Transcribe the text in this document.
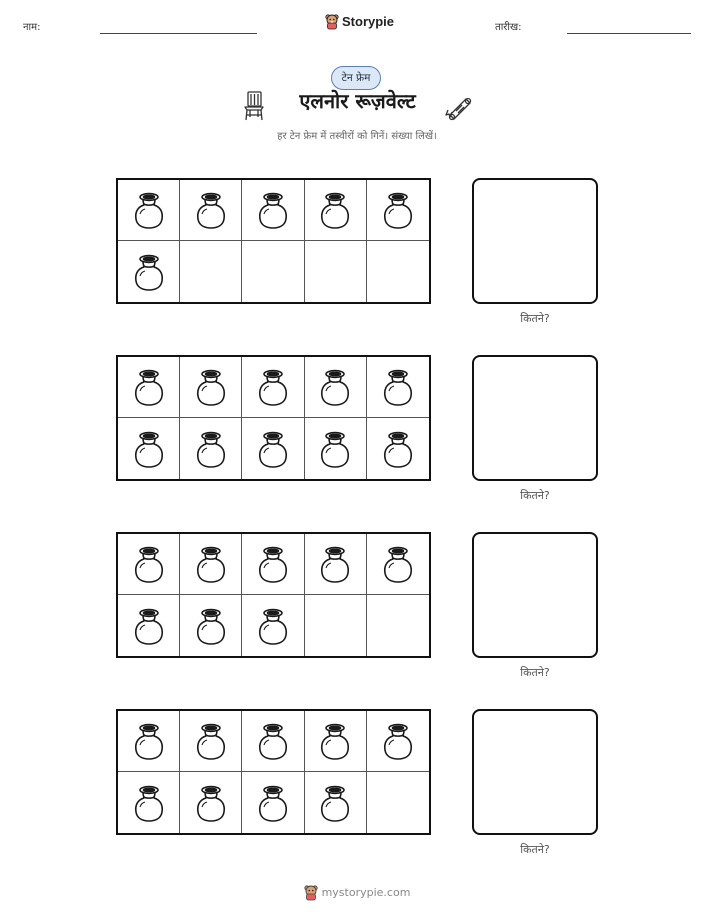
नाम:	Storypie	तारीख:
टेन फ्रेम
एलनोर रूज़वेल्ट
हर टेन फ्रेम में तस्वीरों को गिनें। संख्या लिखें।
कितने?
कितने?
कितने?
कितने?
mystorypie.com
